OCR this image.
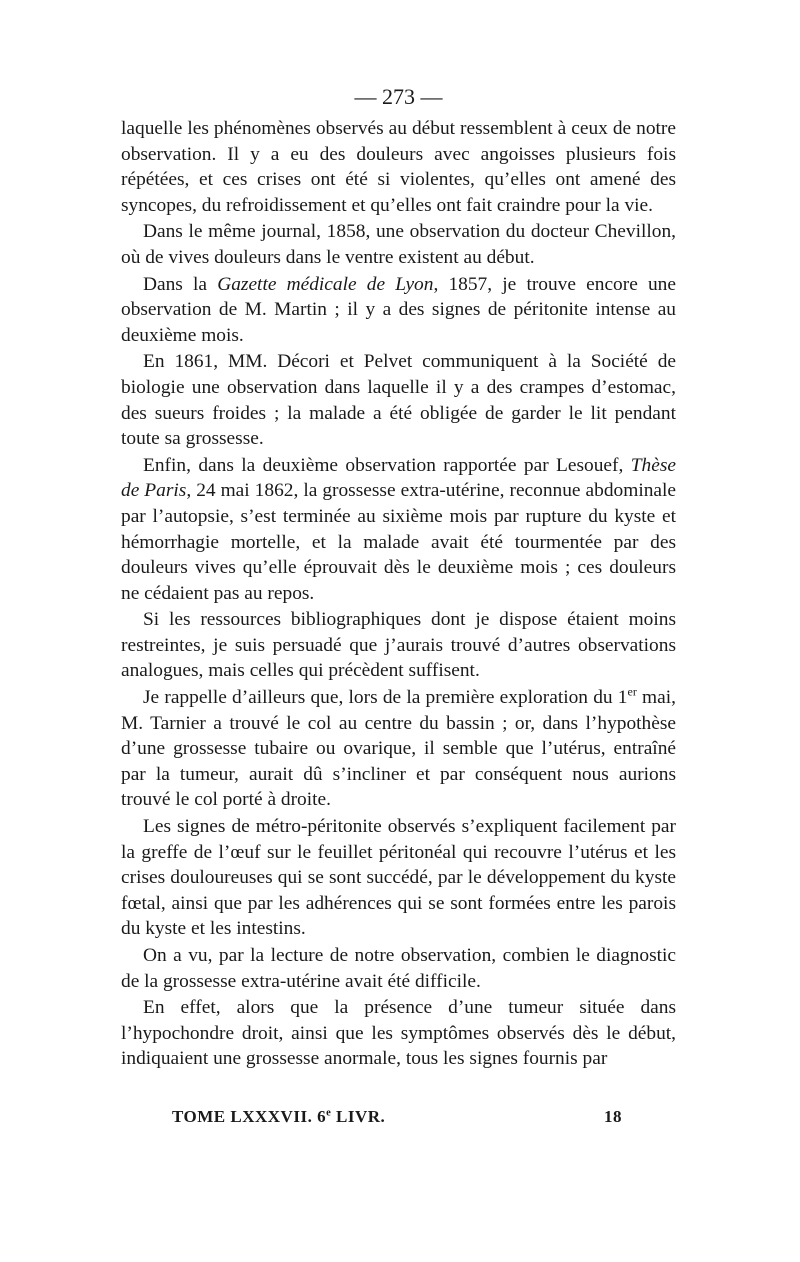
— 273 —

laquelle les phénomènes observés au début ressemblent à ceux de notre observation. Il y a eu des douleurs avec angoisses plusieurs fois répétées, et ces crises ont été si violentes, qu’elles ont amené des syncopes, du refroidissement et qu’elles ont fait craindre pour la vie.

Dans le même journal, 1858, une observation du docteur Chevillon, où de vives douleurs dans le ventre existent au début.

Dans la Gazette médicale de Lyon, 1857, je trouve encore une observation de M. Martin ; il y a des signes de péritonite intense au deuxième mois.

En 1861, MM. Décori et Pelvet communiquent à la Société de biologie une observation dans laquelle il y a des crampes d’estomac, des sueurs froides ; la malade a été obligée de garder le lit pendant toute sa grossesse.

Enfin, dans la deuxième observation rapportée par Lesouef, Thèse de Paris, 24 mai 1862, la grossesse extra-utérine, reconnue abdominale par l’autopsie, s’est terminée au sixième mois par rupture du kyste et hémorrhagie mortelle, et la malade avait été tourmentée par des douleurs vives qu’elle éprouvait dès le deuxième mois ; ces douleurs ne cédaient pas au repos.

Si les ressources bibliographiques dont je dispose étaient moins restreintes, je suis persuadé que j’aurais trouvé d’autres observations analogues, mais celles qui précèdent suffisent.

Je rappelle d’ailleurs que, lors de la première exploration du 1er mai, M. Tarnier a trouvé le col au centre du bassin ; or, dans l’hypothèse d’une grossesse tubaire ou ovarique, il semble que l’utérus, entraîné par la tumeur, aurait dû s’incliner et par conséquent nous aurions trouvé le col porté à droite.

Les signes de métro-péritonite observés s’expliquent facilement par la greffe de l’œuf sur le feuillet péritonéal qui recouvre l’utérus et les crises douloureuses qui se sont succédé, par le développement du kyste fœtal, ainsi que par les adhérences qui se sont formées entre les parois du kyste et les intestins.

On a vu, par la lecture de notre observation, combien le diagnostic de la grossesse extra-utérine avait été difficile.

En effet, alors que la présence d’une tumeur située dans l’hypochondre droit, ainsi que les symptômes observés dès le début, indiquaient une grossesse anormale, tous les signes fournis par

TOME LXXXVII. 6e LIVR.	18
